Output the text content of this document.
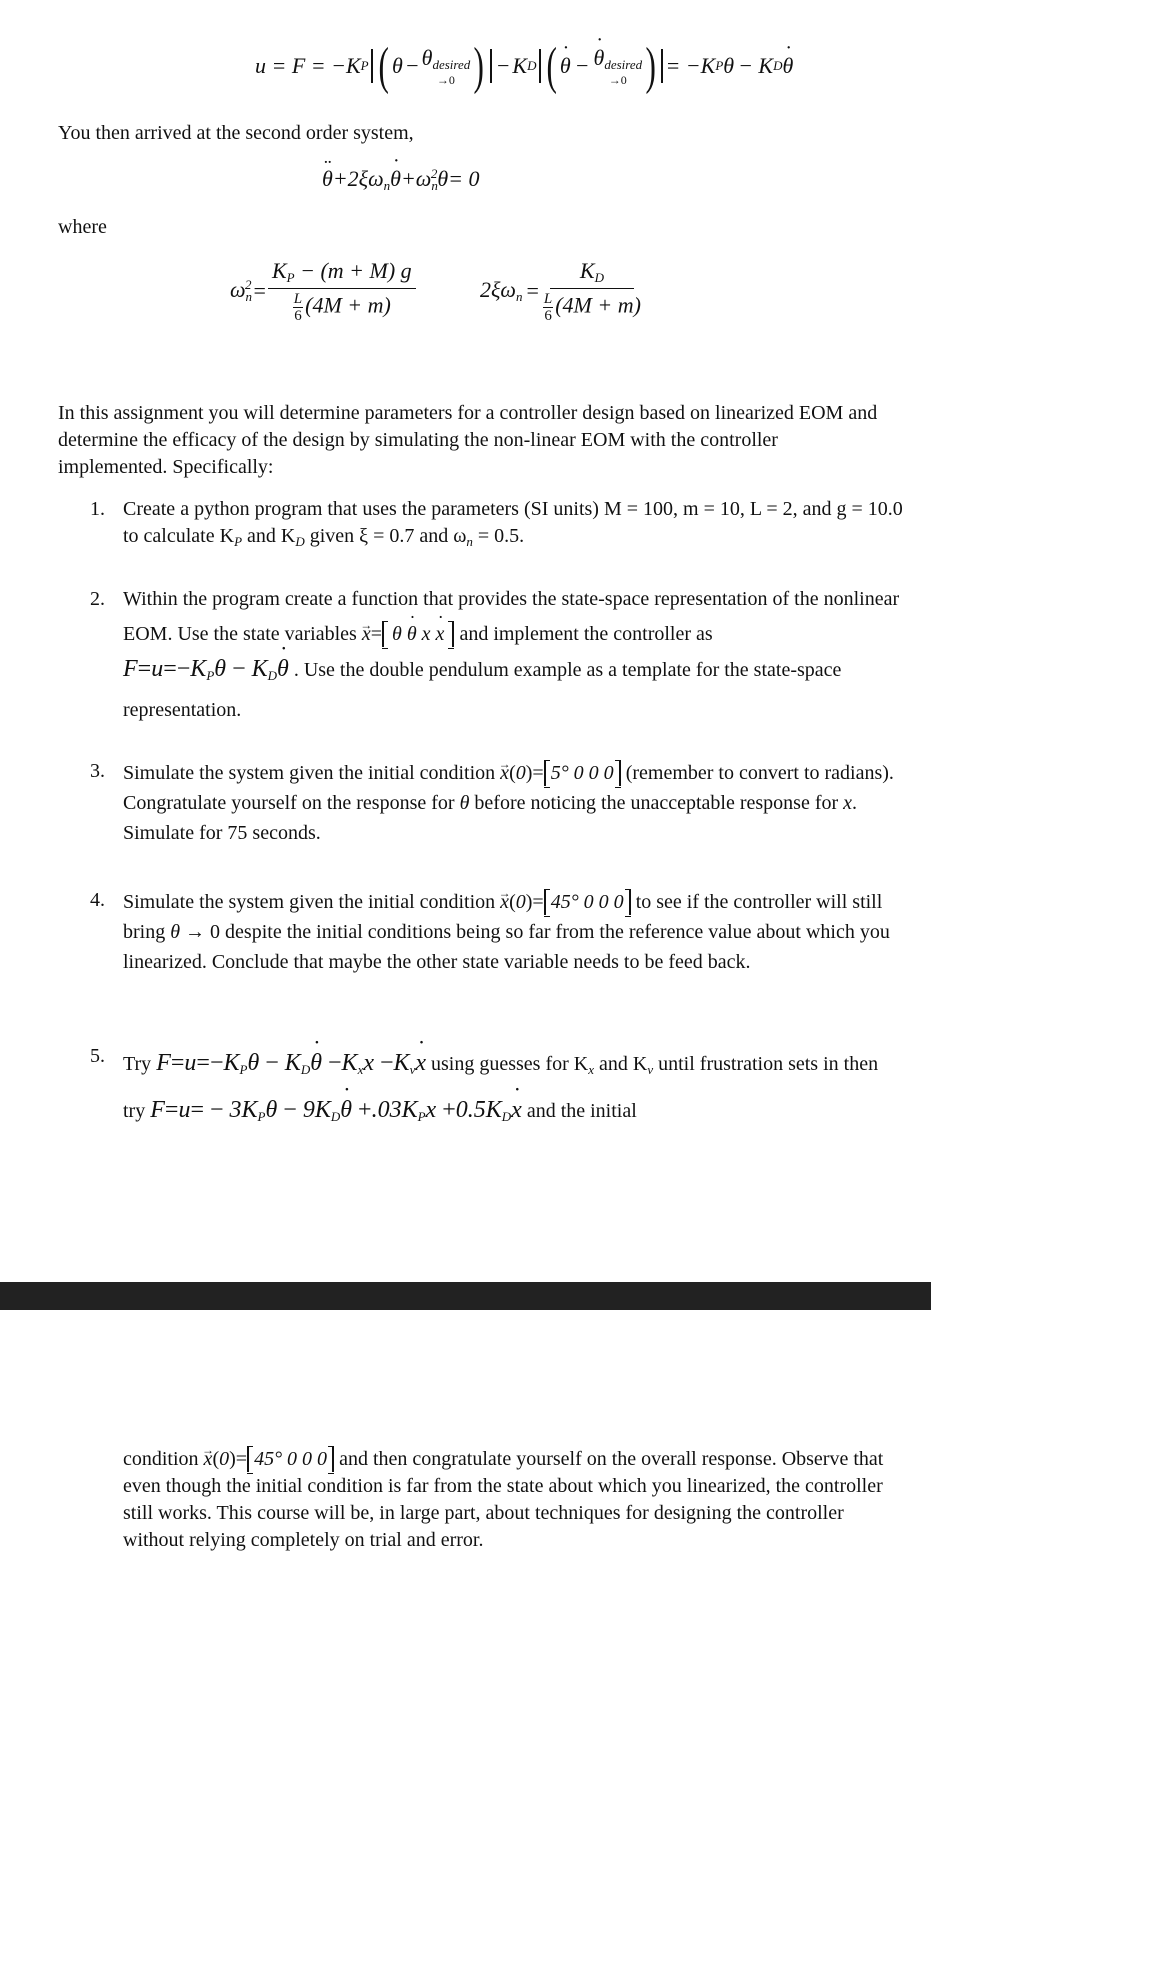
u = F = − K P ( $\theta - \theta_{desired}$
→0 ) − K D ( θ ˙ − θ $˙_{desired}$
→0 ) = −K P θ − K D θ ˙
You then arrived at the second order system,
θ $¨+2\xi\omega_n\theta$ $˙+\omega_n^2\theta= 0$
where
$\omega_n^2 = \frac{K_P - (m + M) g}{\frac{L}{6} (4M + m)}$	$2\xi\omega_n = \frac{K_D}{\frac{L}{6} (4M + m)}$
In this assignment you will determine parameters for a controller design based on linearized EOM and determine the efficacy of the design by simulating the non-linear EOM with the controller implemented. Specifically:
1. Create a python program that uses the parameters (SI units) M = 100, m = 10, L = 2, and g = 10.0 to calculate $K_P$ and $K_D$ given ξ = 0.7 and $\omega_n = 0.5$.
2. Within the program create a function that provides the state-space representation of the nonlinear EOM. Use the state variables x →= θ θ ˙ x x ˙ and implement the controller as
$F=u=-K_P\theta - K_D\theta$ ˙ . Use the double pendulum example as a template for the state-space representation.
3. Simulate the system given the initial condition x →(0)= 5° 0 0 0 (remember to convert to radians). Congratulate yourself on the response for θ before noticing the unacceptable response for x. Simulate for 75 seconds.
4. Simulate the system given the initial condition x →(0)= 45° 0 0 0 to see if the controller will still bring θ → 0 despite the initial conditions being so far from the reference value about which you linearized. Conclude that maybe the other state variable needs to be feed back.
5. Try $F=u=-K_P\theta - K_D\theta$ ˙ $-K_xx -K_vx$ ˙ using guesses for $K_x$ and $K_v$ until frustration sets in then try $F=u= - 3K_P\theta - 9K_D\theta$ ˙ $+.03K_Px +0.5K_Dx$ ˙ and the initial
condition x →(0)= 45° 0 0 0 and then congratulate yourself on the overall response. Observe that even though the initial condition is far from the state about which you linearized, the controller still works. This course will be, in large part, about techniques for designing the controller without relying completely on trial and error.
